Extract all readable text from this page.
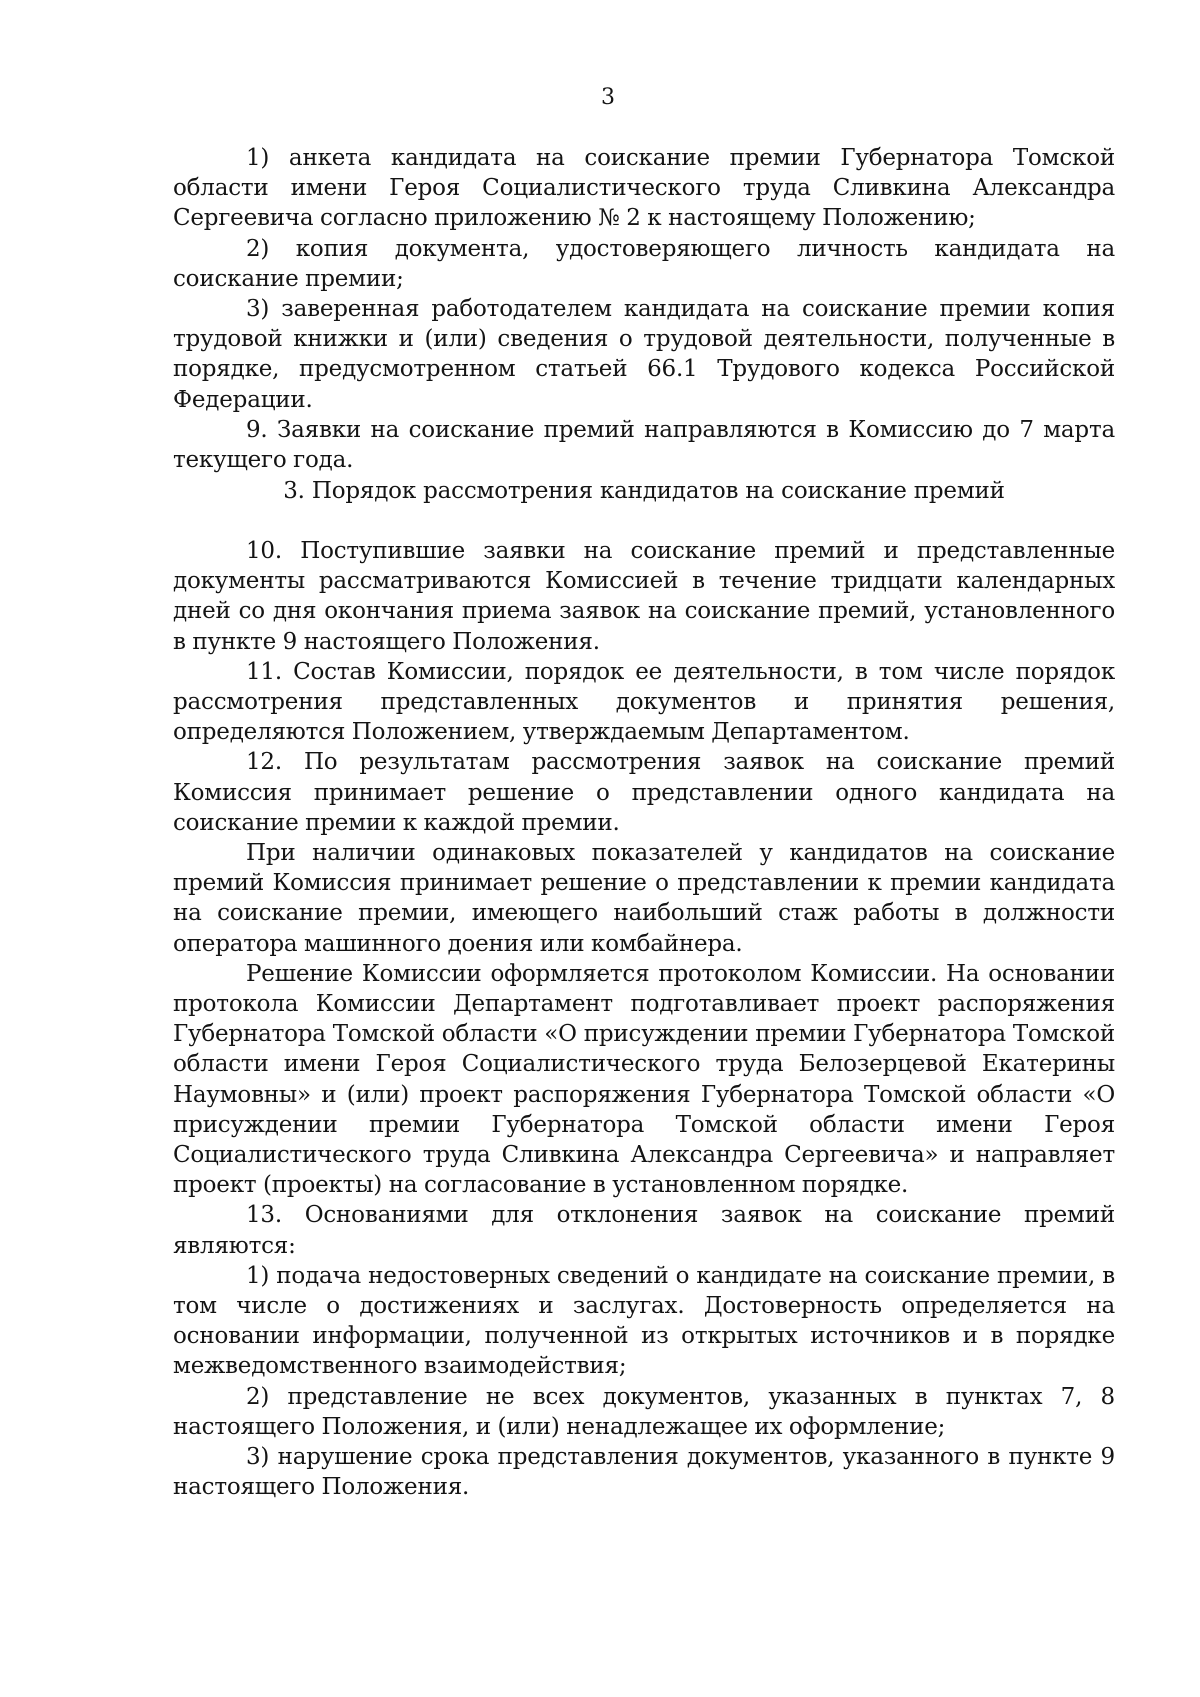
3

1) анкета кандидата на соискание премии Губернатора Томской области имени Героя Социалистического труда Сливкина Александра Сергеевича согласно приложению № 2 к настоящему Положению;

2) копия документа, удостоверяющего личность кандидата на соискание премии;

3) заверенная работодателем кандидата на соискание премии копия трудовой книжки и (или) сведения о трудовой деятельности, полученные в порядке, предусмотренном статьей 66.1 Трудового кодекса Российской Федерации.

9. Заявки на соискание премий направляются в Комиссию до 7 марта текущего года.

3. Порядок рассмотрения кандидатов на соискание премий

10. Поступившие заявки на соискание премий и представленные документы рассматриваются Комиссией в течение тридцати календарных дней со дня окончания приема заявок на соискание премий, установленного в пункте 9 настоящего Положения.

11. Состав Комиссии, порядок ее деятельности, в том числе порядок рассмотрения представленных документов и принятия решения, определяются Положением, утверждаемым Департаментом.

12. По результатам рассмотрения заявок на соискание премий Комиссия принимает решение о представлении одного кандидата на соискание премии к каждой премии.

При наличии одинаковых показателей у кандидатов на соискание премий Комиссия принимает решение о представлении к премии кандидата на соискание премии, имеющего наибольший стаж работы в должности оператора машинного доения или комбайнера.

Решение Комиссии оформляется протоколом Комиссии. На основании протокола Комиссии Департамент подготавливает проект распоряжения Губернатора Томской области «О присуждении премии Губернатора Томской области имени Героя Социалистического труда Белозерцевой Екатерины Наумовны» и (или) проект распоряжения Губернатора Томской области «О присуждении премии Губернатора Томской области имени Героя Социалистического труда Сливкина Александра Сергеевича» и направляет проект (проекты) на согласование в установленном порядке.

13. Основаниями для отклонения заявок на соискание премий являются:

1) подача недостоверных сведений о кандидате на соискание премии, в том числе о достижениях и заслугах. Достоверность определяется на основании информации, полученной из открытых источников и в порядке межведомственного взаимодействия;

2) представление не всех документов, указанных в пунктах 7, 8 настоящего Положения, и (или) ненадлежащее их оформление;

3) нарушение срока представления документов, указанного в пункте 9 настоящего Положения.
